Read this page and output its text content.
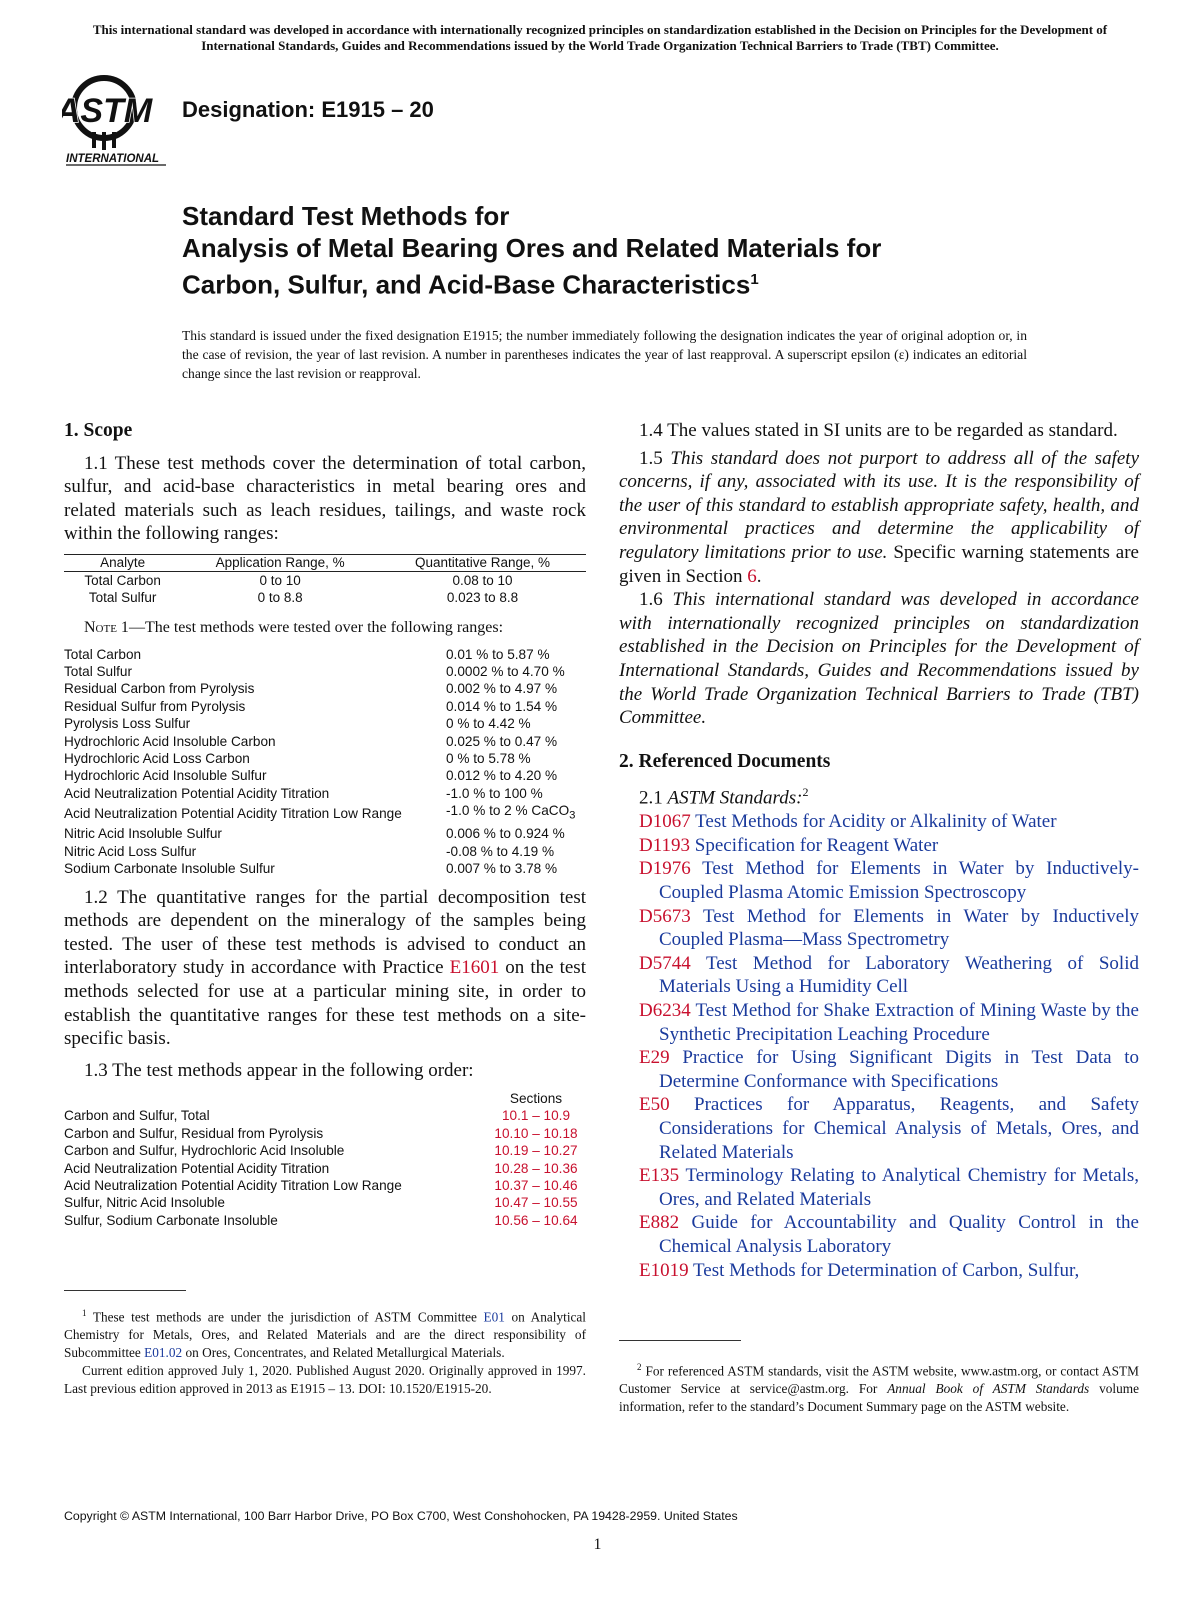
This international standard was developed in accordance with internationally recognized principles on standardization established in the Decision on Principles for the Development of International Standards, Guides and Recommendations issued by the World Trade Organization Technical Barriers to Trade (TBT) Committee.
ASTM
INTERNATIONAL
Designation: E1915 – 20
Standard Test Methods for
Analysis of Metal Bearing Ores and Related Materials for
Carbon, Sulfur, and Acid-Base Characteristics$^1$
This standard is issued under the fixed designation E1915; the number immediately following the designation indicates the year of original adoption or, in the case of revision, the year of last revision. A number in parentheses indicates the year of last reapproval. A superscript epsilon (ε) indicates an editorial change since the last revision or reapproval.

1. Scope

1.1 These test methods cover the determination of total carbon, sulfur, and acid-base characteristics in metal bearing ores and related materials such as leach residues, tailings, and waste rock within the following ranges:

Analyte	Application Range, %	Quantitative Range, %
Total Carbon	0 to 10	0.08 to 10
Total Sulfur	0 to 8.8	0.023 to 8.8

Note 1—The test methods were tested over the following ranges:

Total Carbon	0.01 % to 5.87 %
Total Sulfur	0.0002 % to 4.70 %
Residual Carbon from Pyrolysis	0.002 % to 4.97 %
Residual Sulfur from Pyrolysis	0.014 % to 1.54 %
Pyrolysis Loss Sulfur	0 % to 4.42 %
Hydrochloric Acid Insoluble Carbon	0.025 % to 0.47 %
Hydrochloric Acid Loss Carbon	0 % to 5.78 %
Hydrochloric Acid Insoluble Sulfur	0.012 % to 4.20 %
Acid Neutralization Potential Acidity Titration	-1.0 % to 100 %
Acid Neutralization Potential Acidity Titration Low Range	-1.0 % to 2 % CaCO$_3$
Nitric Acid Insoluble Sulfur	0.006 % to 0.924 %
Nitric Acid Loss Sulfur	-0.08 % to 4.19 %
Sodium Carbonate Insoluble Sulfur	0.007 % to 3.78 %

1.2 The quantitative ranges for the partial decomposition test methods are dependent on the mineralogy of the samples being tested. The user of these test methods is advised to conduct an interlaboratory study in accordance with Practice E1601 on the test methods selected for use at a particular mining site, in order to establish the quantitative ranges for these test methods on a site-specific basis.

1.3 The test methods appear in the following order:

	Sections
Carbon and Sulfur, Total	10.1 – 10.9
Carbon and Sulfur, Residual from Pyrolysis	10.10 – 10.18
Carbon and Sulfur, Hydrochloric Acid Insoluble	10.19 – 10.27
Acid Neutralization Potential Acidity Titration	10.28 – 10.36
Acid Neutralization Potential Acidity Titration Low Range	10.37 – 10.46
Sulfur, Nitric Acid Insoluble	10.47 – 10.55
Sulfur, Sodium Carbonate Insoluble	10.56 – 10.64

1.4 The values stated in SI units are to be regarded as standard.

1.5 This standard does not purport to address all of the safety concerns, if any, associated with its use. It is the responsibility of the user of this standard to establish appropriate safety, health, and environmental practices and determine the applicability of regulatory limitations prior to use. Specific warning statements are given in Section 6.

1.6 This international standard was developed in accordance with internationally recognized principles on standardization established in the Decision on Principles for the Development of International Standards, Guides and Recommendations issued by the World Trade Organization Technical Barriers to Trade (TBT) Committee.

2. Referenced Documents

2.1 ASTM Standards:$^2$

D1067 Test Methods for Acidity or Alkalinity of Water

D1193 Specification for Reagent Water

D1976 Test Method for Elements in Water by Inductively-Coupled Plasma Atomic Emission Spectroscopy

D5673 Test Method for Elements in Water by Inductively Coupled Plasma—Mass Spectrometry

D5744 Test Method for Laboratory Weathering of Solid Materials Using a Humidity Cell

D6234 Test Method for Shake Extraction of Mining Waste by the Synthetic Precipitation Leaching Procedure

E29 Practice for Using Significant Digits in Test Data to Determine Conformance with Specifications

E50 Practices for Apparatus, Reagents, and Safety Considerations for Chemical Analysis of Metals, Ores, and Related Materials

E135 Terminology Relating to Analytical Chemistry for Metals, Ores, and Related Materials

E882 Guide for Accountability and Quality Control in the Chemical Analysis Laboratory

E1019 Test Methods for Determination of Carbon, Sulfur,

$^1$ These test methods are under the jurisdiction of ASTM Committee E01 on Analytical Chemistry for Metals, Ores, and Related Materials and are the direct responsibility of Subcommittee E01.02 on Ores, Concentrates, and Related Metallurgical Materials.

Current edition approved July 1, 2020. Published August 2020. Originally approved in 1997. Last previous edition approved in 2013 as E1915 – 13. DOI: 10.1520/E1915-20.

$^2$ For referenced ASTM standards, visit the ASTM website, www.astm.org, or contact ASTM Customer Service at service@astm.org. For Annual Book of ASTM Standards volume information, refer to the standard’s Document Summary page on the ASTM website.

Copyright © ASTM International, 100 Barr Harbor Drive, PO Box C700, West Conshohocken, PA 19428-2959. United States
1
